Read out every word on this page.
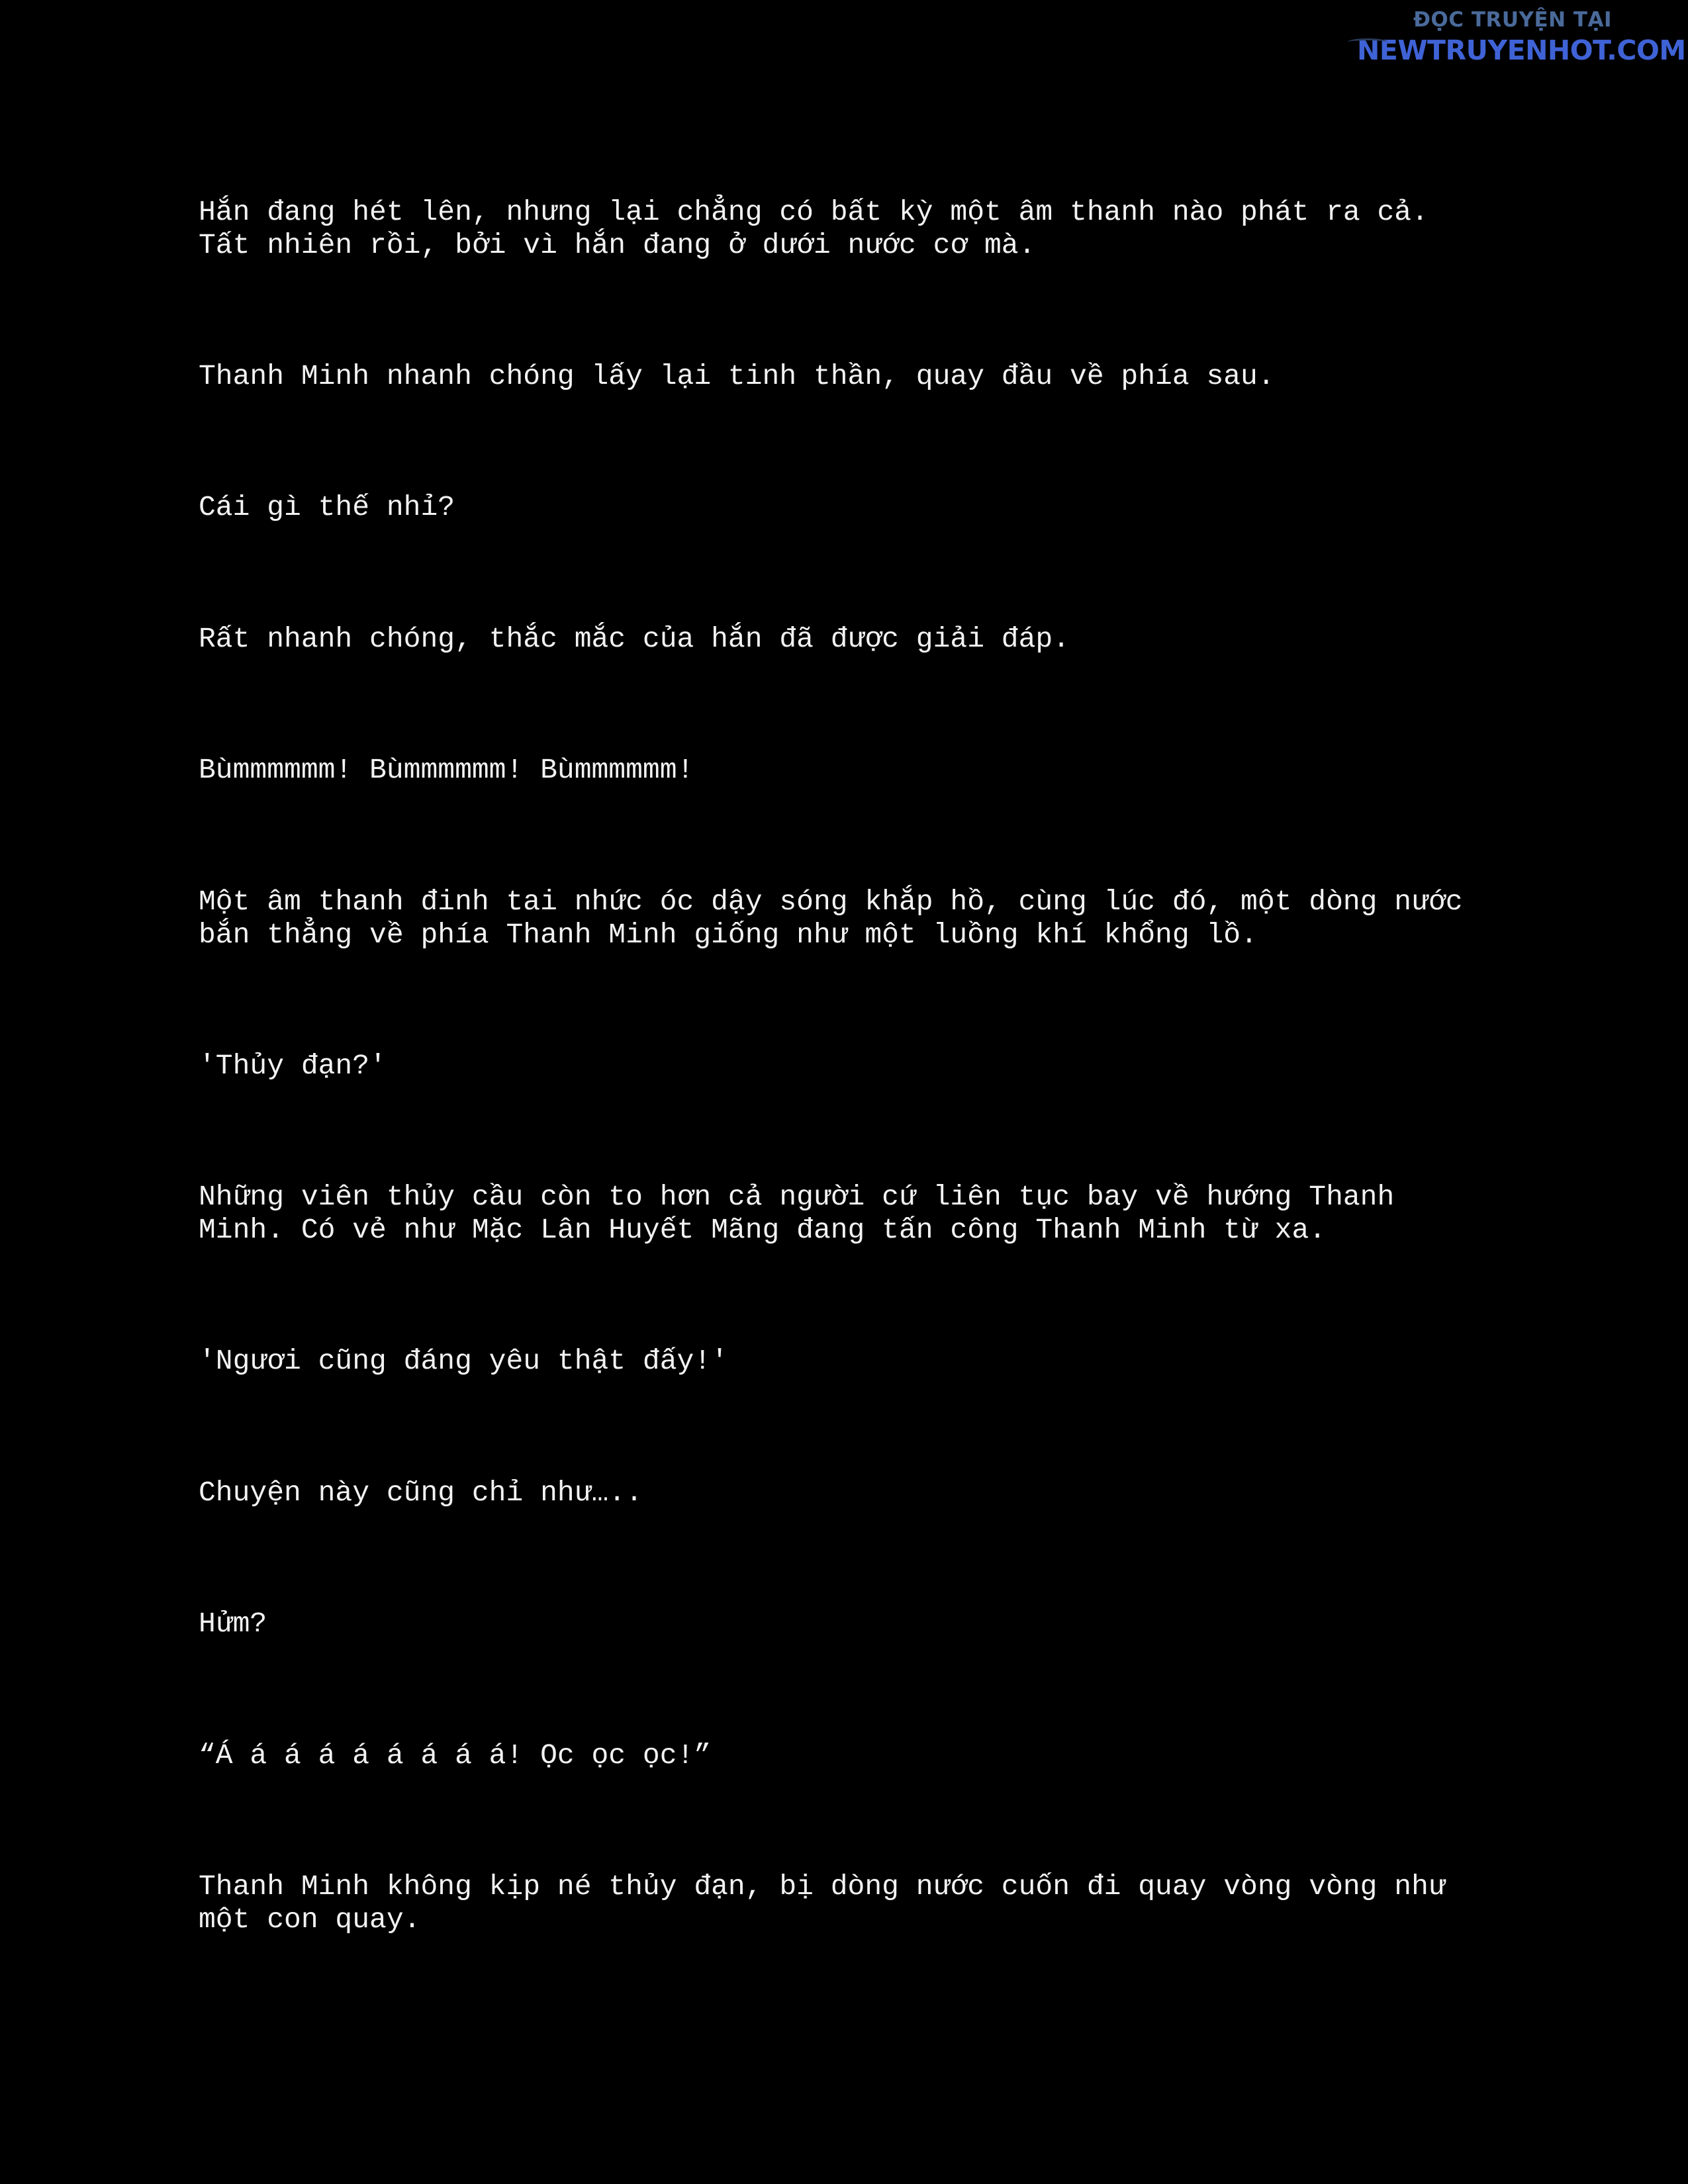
ĐỌC TRUYỆN TẠI
NEWTRUYENHOT.COM

Hắn đang hét lên, nhưng lại chẳng có bất kỳ một âm thanh nào phát ra cả.
Tất nhiên rồi, bởi vì hắn đang ở dưới nước cơ mà.

Thanh Minh nhanh chóng lấy lại tinh thần, quay đầu về phía sau.

Cái gì thế nhỉ?

Rất nhanh chóng, thắc mắc của hắn đã được giải đáp.

Bùmmmmmm! Bùmmmmmm! Bùmmmmmm!

Một âm thanh đinh tai nhức óc dậy sóng khắp hồ, cùng lúc đó, một dòng nước
bắn thẳng về phía Thanh Minh giống như một luồng khí khổng lồ.

'Thủy đạn?'

Những viên thủy cầu còn to hơn cả người cứ liên tục bay về hướng Thanh
Minh. Có vẻ như Mặc Lân Huyết Mãng đang tấn công Thanh Minh từ xa.

'Ngươi cũng đáng yêu thật đấy!'

Chuyện này cũng chỉ như…..

Hửm?

“Á á á á á á á á á! Ọc ọc ọc!”

Thanh Minh không kịp né thủy đạn, bị dòng nước cuốn đi quay vòng vòng như
một con quay.
